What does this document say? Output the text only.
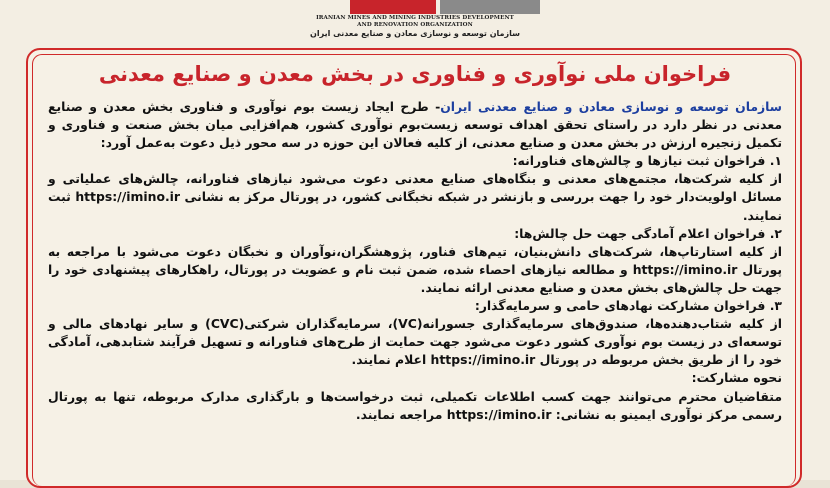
IRANIAN MINES AND MINING INDUSTRIES DEVELOPMENT
AND RENOVATION ORGANIZATION
سازمان توسعه و نوسازی معادن و صنایع معدنی ایران
فراخوان ملی نوآوری و فناوری در بخش معدن و صنایع معدنی

سازمان توسعه و نوسازی معادن و صنایع معدنی ایران- طرح ایجاد زیست بوم نوآوری و فناوری بخش معدن و صنایع معدنی در نظر دارد در راستای تحقق اهداف توسعه زیست‌بوم نوآوری کشور، هم‌افزایی میان بخش صنعت و فناوری و تکمیل زنجیره ارزش در بخش معدن و صنایع معدنی، از کلیه فعالان این حوزه در سه محور ذیل دعوت به‌عمل آورد:

۱. فراخوان ثبت نیازها و چالش‌های فناورانه:

از کلیه شرکت‌ها، مجتمع‌های معدنی و بنگاه‌های صنایع معدنی دعوت می‌شود نیازهای فناورانه، چالش‌های عملیاتی و مسائل اولویت‌دار خود را جهت بررسی و بازنشر در شبکه نخبگانی کشور، در پورتال مرکز به نشانی https://imino.ir ثبت نمایند.

۲. فراخوان اعلام آمادگی جهت حل چالش‌ها:

از کلیه استارتاپ‌ها، شرکت‌های دانش‌بنیان، تیم‌های فناور، پژوهشگران،نوآوران و نخبگان دعوت می‌شود با مراجعه به پورتال https://imino.ir و مطالعه نیازهای احصاء شده، ضمن ثبت نام و عضویت در پورتال، راهکارهای پیشنهادی خود را جهت حل چالش‌های بخش معدن و صنایع معدنی ارائه نمایند.

۳. فراخوان مشارکت نهادهای حامی و سرمایه‌گذار:

از کلیه شتاب‌دهنده‌ها، صندوق‌های سرمایه‌گذاری جسورانه(VC)، سرمایه‌گذاران شرکتی(CVC) و سایر نهادهای مالی و توسعه‌ای در زیست بوم نوآوری کشور دعوت می‌شود جهت حمایت از طرح‌های فناورانه و تسهیل فرآیند شتابدهی، آمادگی خود را از طریق بخش مربوطه در پورتال https://imino.ir اعلام نمایند.

نحوه مشارکت:

متقاضیان محترم می‌توانند جهت کسب اطلاعات تکمیلی، ثبت درخواست‌ها و بارگذاری مدارک مربوطه، تنها به پورتال رسمی مرکز نوآوری ایمینو به نشانی: https://imino.ir مراجعه نمایند.
